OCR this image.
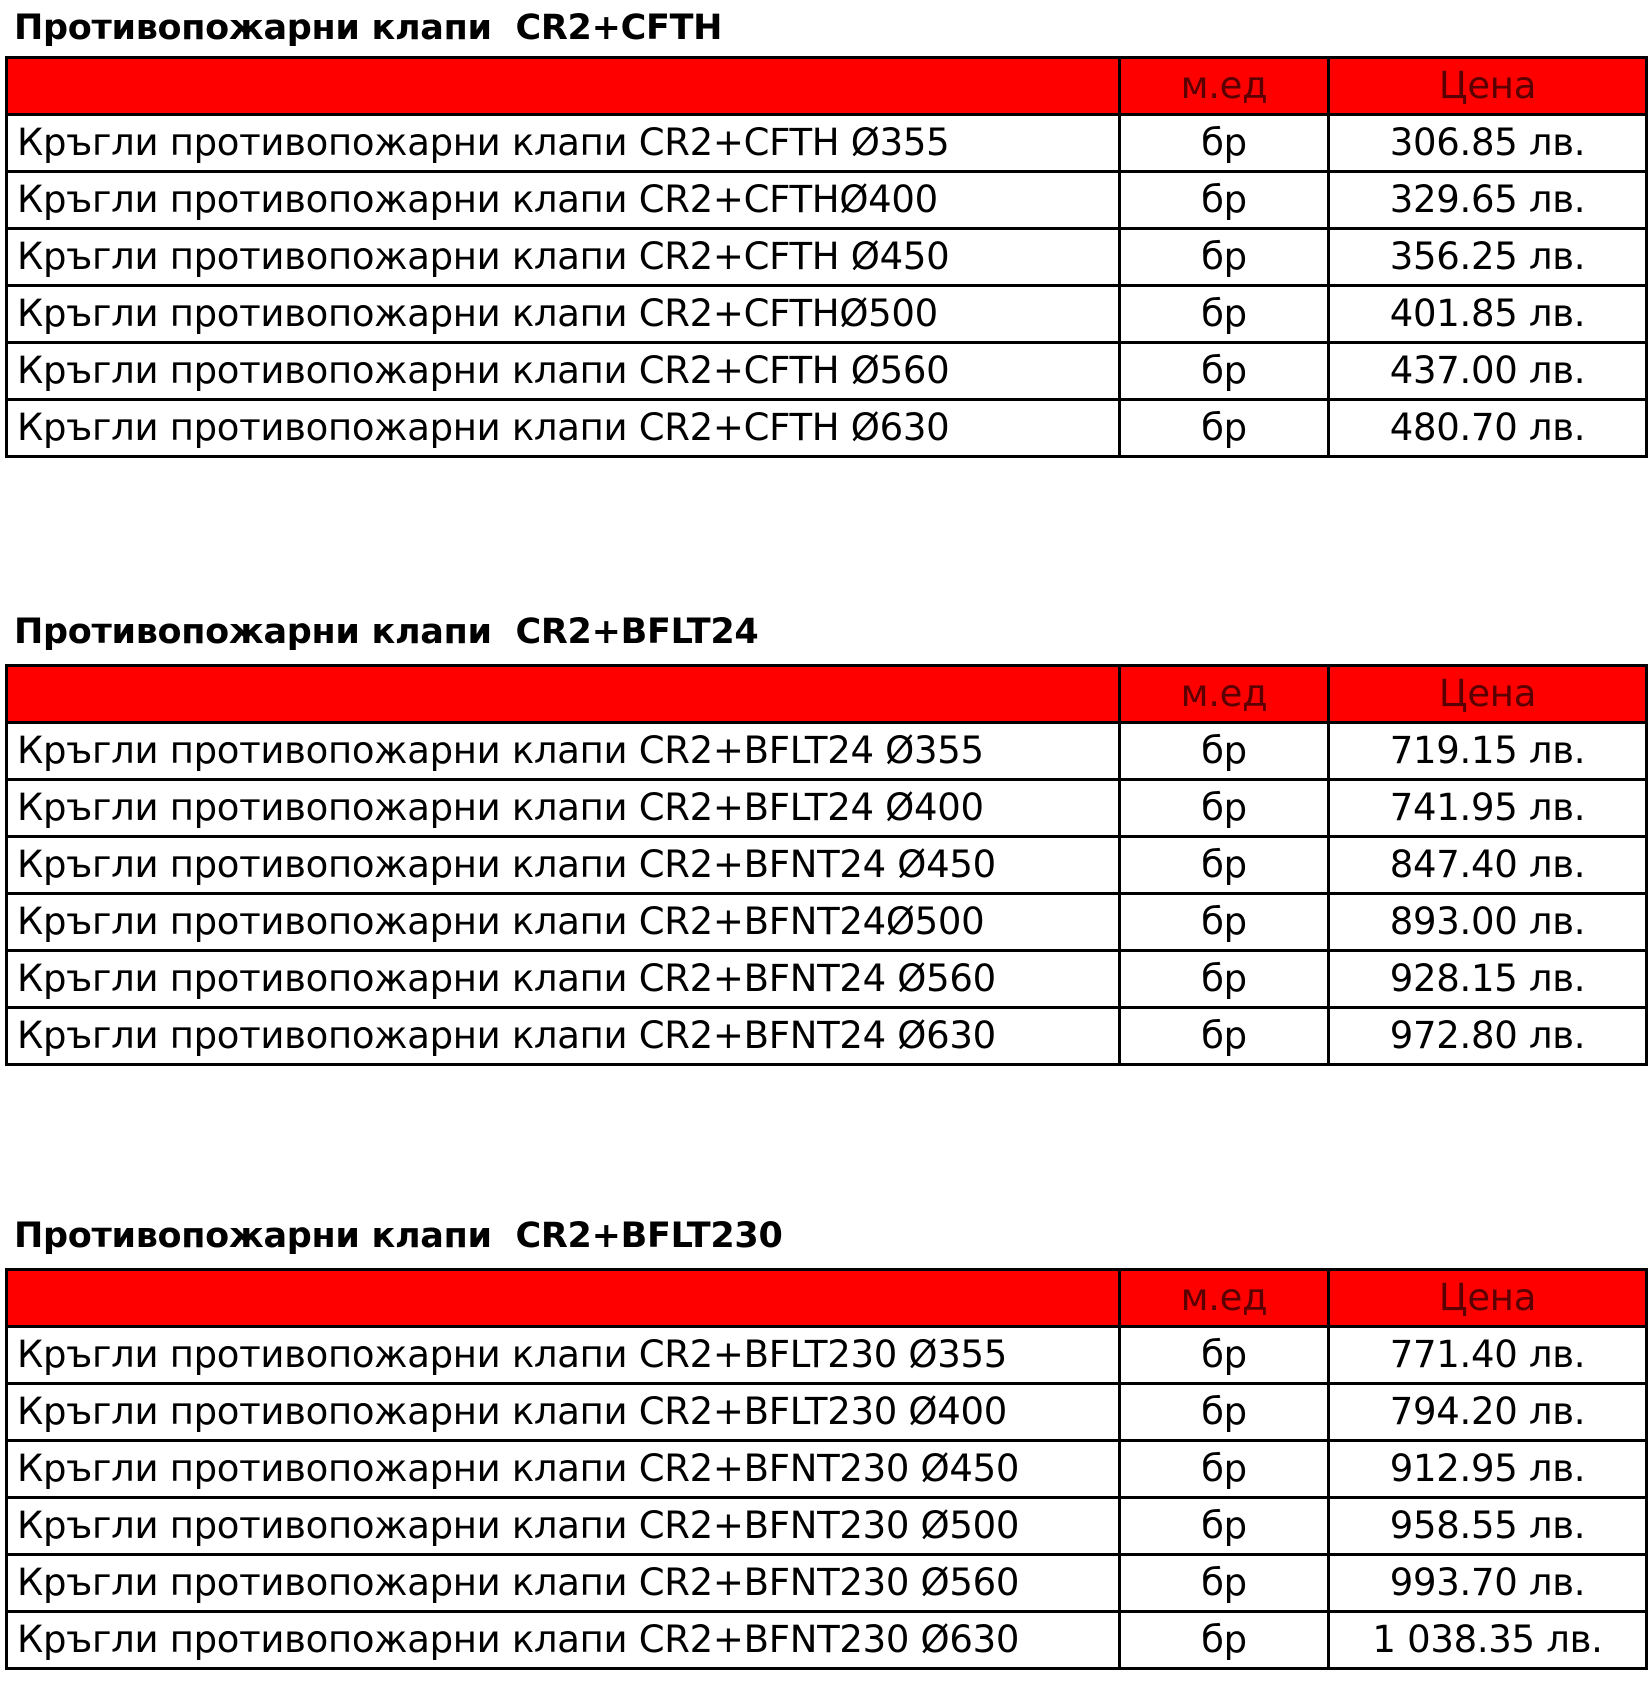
Противопожарни клапи  CR2+CFTH
	м.ед	Цена
Кръгли противопожарни клапи CR2+CFTH Ø355	бр	306.85 лв.
Кръгли противопожарни клапи CR2+CFTHØ400	бр	329.65 лв.
Кръгли противопожарни клапи CR2+CFTH Ø450	бр	356.25 лв.
Кръгли противопожарни клапи CR2+CFTHØ500	бр	401.85 лв.
Кръгли противопожарни клапи CR2+CFTH Ø560	бр	437.00 лв.
Кръгли противопожарни клапи CR2+CFTH Ø630	бр	480.70 лв.
Противопожарни клапи  CR2+BFLT24
	м.ед	Цена
Кръгли противопожарни клапи CR2+BFLT24 Ø355	бр	719.15 лв.
Кръгли противопожарни клапи CR2+BFLT24 Ø400	бр	741.95 лв.
Кръгли противопожарни клапи CR2+BFNT24 Ø450	бр	847.40 лв.
Кръгли противопожарни клапи CR2+BFNT24Ø500	бр	893.00 лв.
Кръгли противопожарни клапи CR2+BFNT24 Ø560	бр	928.15 лв.
Кръгли противопожарни клапи CR2+BFNT24 Ø630	бр	972.80 лв.
Противопожарни клапи  CR2+BFLT230
	м.ед	Цена
Кръгли противопожарни клапи CR2+BFLT230 Ø355	бр	771.40 лв.
Кръгли противопожарни клапи CR2+BFLT230 Ø400	бр	794.20 лв.
Кръгли противопожарни клапи CR2+BFNT230 Ø450	бр	912.95 лв.
Кръгли противопожарни клапи CR2+BFNT230 Ø500	бр	958.55 лв.
Кръгли противопожарни клапи CR2+BFNT230 Ø560	бр	993.70 лв.
Кръгли противопожарни клапи CR2+BFNT230 Ø630	бр	1 038.35 лв.
